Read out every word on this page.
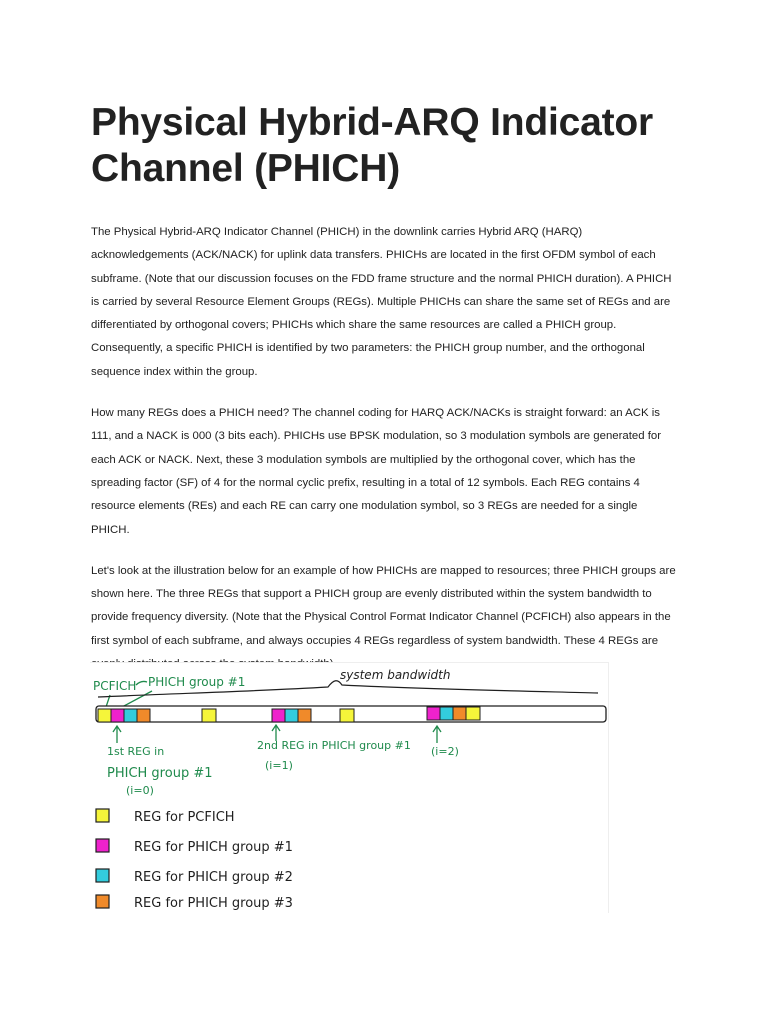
Physical Hybrid-ARQ Indicator Channel (PHICH)

The Physical Hybrid-ARQ Indicator Channel (PHICH) in the downlink carries Hybrid ARQ (HARQ) acknowledgements (ACK/NACK) for uplink data transfers. PHICHs are located in the first OFDM symbol of each subframe. (Note that our discussion focuses on the FDD frame structure and the normal PHICH duration). A PHICH is carried by several Resource Element Groups (REGs). Multiple PHICHs can share the same set of REGs and are differentiated by orthogonal covers; PHICHs which share the same resources are called a PHICH group. Consequently, a specific PHICH is identified by two parameters: the PHICH group number, and the orthogonal sequence index within the group.

How many REGs does a PHICH need? The channel coding for HARQ ACK/NACKs is straight forward: an ACK is 111, and a NACK is 000 (3 bits each). PHICHs use BPSK modulation, so 3 modulation symbols are generated for each ACK or NACK. Next, these 3 modulation symbols are multiplied by the orthogonal cover, which has the spreading factor (SF) of 4 for the normal cyclic prefix, resulting in a total of 12 symbols. Each REG contains 4 resource elements (REs) and each RE can carry one modulation symbol, so 3 REGs are needed for a single PHICH.

Let's look at the illustration below for an example of how PHICHs are mapped to resources; three PHICH groups are shown here. The three REGs that support a PHICH group are evenly distributed within the system bandwidth to provide frequency diversity. (Note that the Physical Control Format Indicator Channel (PCFICH) also appears in the first symbol of each subframe, and always occupies 4 REGs regardless of system bandwidth. These 4 REGs are

PCFICH PHICH group #1	system bandwidth
1st REG in
PHICH group #1
(i=0)
2nd REG in PHICH group #1
(i=1)
(i=2)
REG for PCFICH
REG for PHICH group #1
REG for PHICH group #2
REG for PHICH group #3
